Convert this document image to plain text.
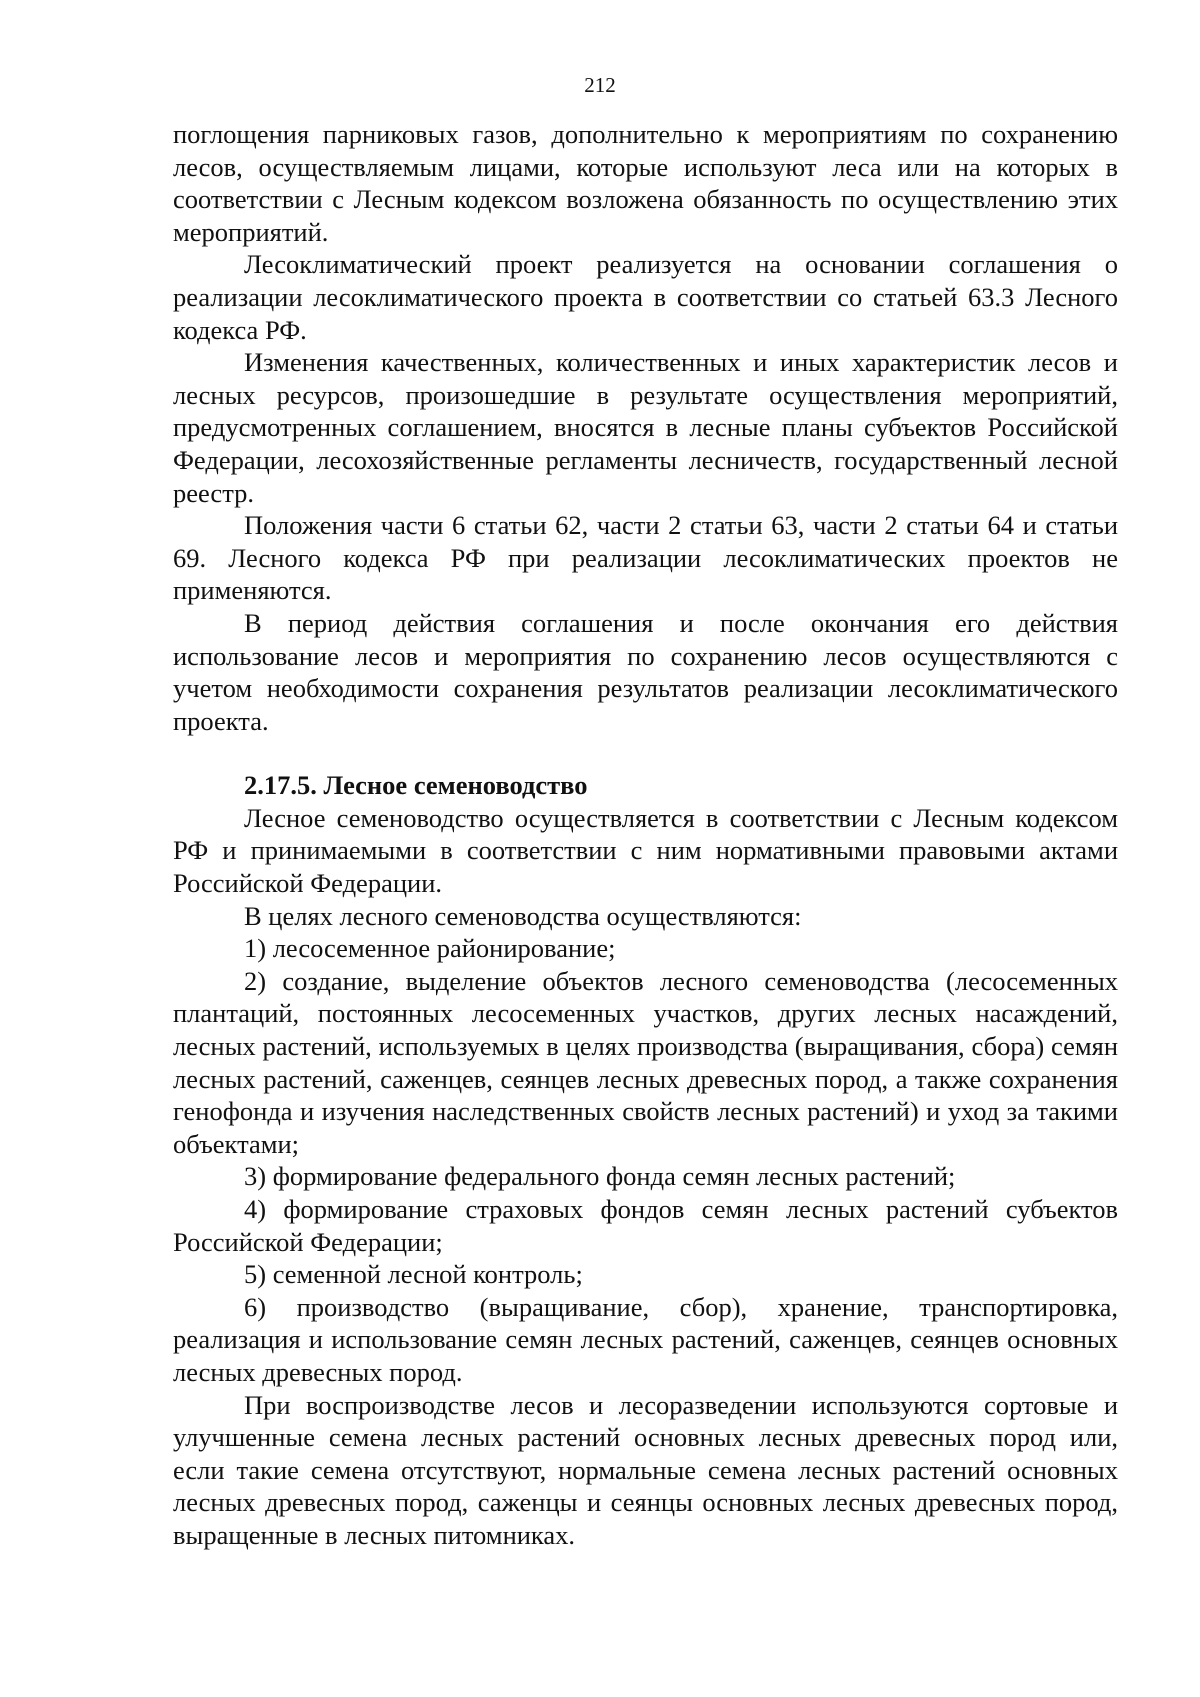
212

поглощения парниковых газов, дополнительно к мероприятиям по сохранению лесов, осуществляемым лицами, которые используют леса или на которых в соответствии с Лесным кодексом возложена обязанность по осуществлению этих мероприятий.

Лесоклиматический проект реализуется на основании соглашения о реализации лесоклиматического проекта в соответствии со статьей 63.3 Лесного кодекса РФ.

Изменения качественных, количественных и иных характеристик лесов и лесных ресурсов, произошедшие в результате осуществления мероприятий, предусмотренных соглашением, вносятся в лесные планы субъектов Российской Федерации, лесохозяйственные регламенты лесничеств, государственный лесной реестр.

Положения части 6 статьи 62, части 2 статьи 63, части 2 статьи 64 и статьи 69. Лесного кодекса РФ при реализации лесоклиматических проектов не применяются.

В период действия соглашения и после окончания его действия использование лесов и мероприятия по сохранению лесов осуществляются с учетом необходимости сохранения результатов реализации лесоклиматического проекта.

2.17.5. Лесное семеноводство

Лесное семеноводство осуществляется в соответствии с Лесным кодексом РФ и принимаемыми в соответствии с ним нормативными правовыми актами Российской Федерации.

В целях лесного семеноводства осуществляются:

1) лесосеменное районирование;

2) создание, выделение объектов лесного семеноводства (лесосеменных плантаций, постоянных лесосеменных участков, других лесных насаждений, лесных растений, используемых в целях производства (выращивания, сбора) семян лесных растений, саженцев, сеянцев лесных древесных пород, а также сохранения генофонда и изучения наследственных свойств лесных растений) и уход за такими объектами;

3) формирование федерального фонда семян лесных растений;

4) формирование страховых фондов семян лесных растений субъектов Российской Федерации;

5) семенной лесной контроль;

6) производство (выращивание, сбор), хранение, транспортировка, реализация и использование семян лесных растений, саженцев, сеянцев основных лесных древесных пород.

При воспроизводстве лесов и лесоразведении используются сортовые и улучшенные семена лесных растений основных лесных древесных пород или, если такие семена отсутствуют, нормальные семена лесных растений основных лесных древесных пород, саженцы и сеянцы основных лесных древесных пород, выращенные в лесных питомниках.
